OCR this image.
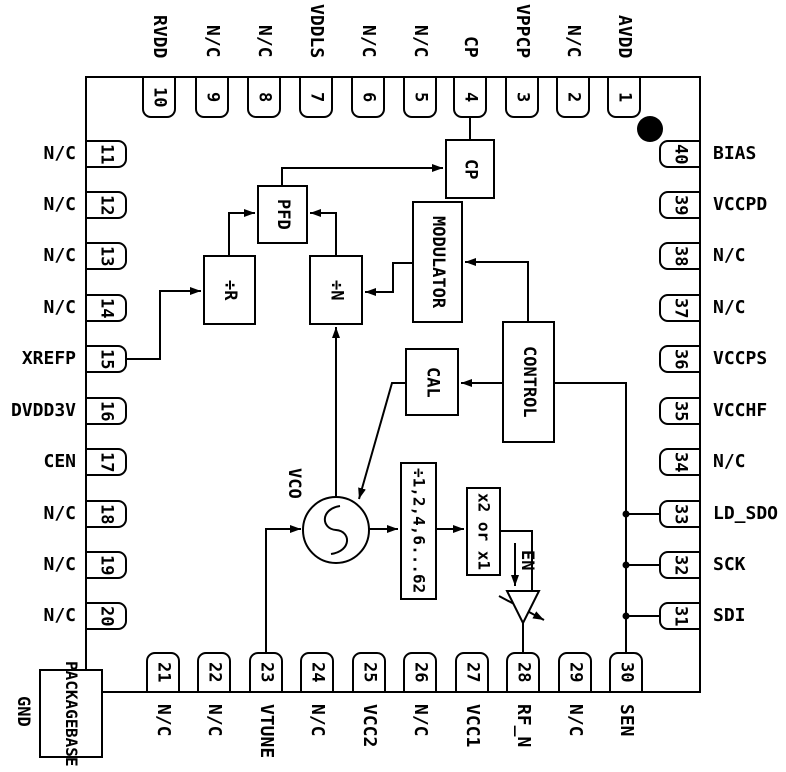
10 9 8 7 6 5 4 3 2 1
RVDD N/C N/C VDDLS N/C N/C CP VPPCP N/C AVDD
11
12
13
14
15
16
17
18
19
20
N/C
N/C
N/C
N/C
XREFP
DVDD3V
CEN
N/C
N/C
N/C
40
39
38
37
36
35
34
33
32
31
BIAS
VCCPD
N/C
N/C
VCCPS
VCCHF
N/C
LD_SDO
SCK
SDI
21 22 23 24 25 26 27 28 29 30
N/C N/C VTUNE N/C VCC2 N/C VCC1 RF_N N/C SEN
CP
PFD
MODULATOR
÷R	÷N
CONTROL
CAL
÷1,2,4,6...62	x2 or x1
VCO
EN
PACKAGE
BASE
GND
